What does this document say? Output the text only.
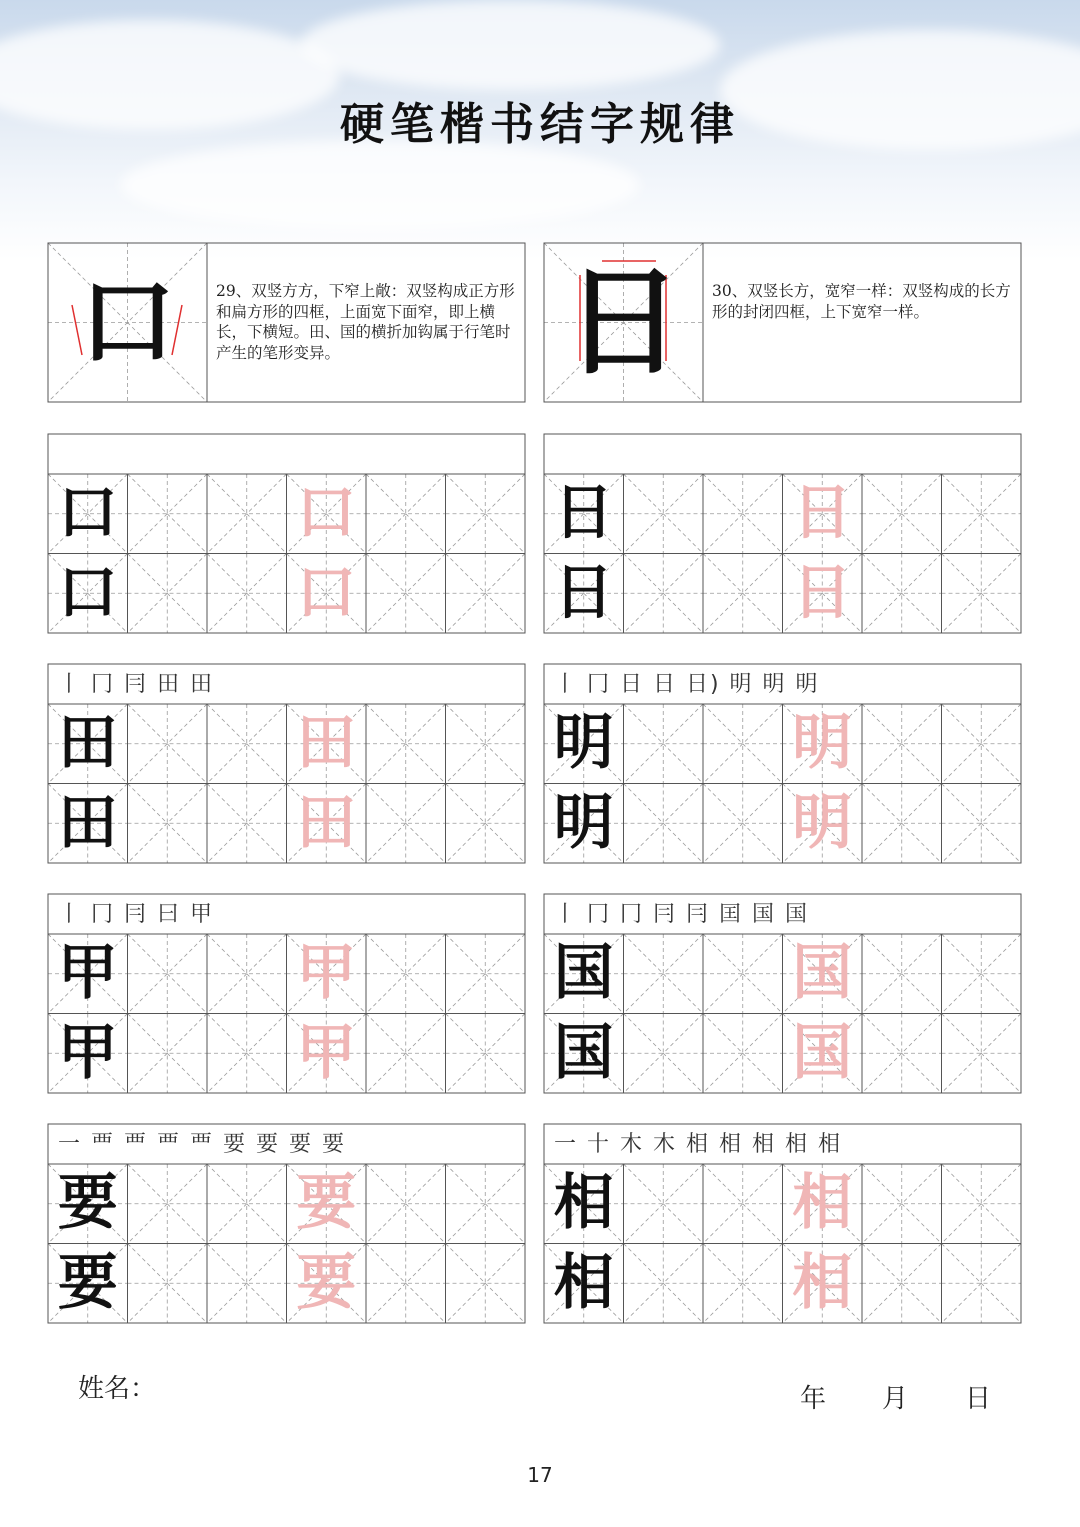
硬笔楷书结字规律
口	29、双竖方方，下窄上敞：双竖构成正方形和扁方形的四框，上面宽下面窄，即上横长，下横短。田、国的横折加钩属于行笔时产生的笔形变异。	日	30、双竖长方，宽窄一样：双竖构成的长方形的封闭四框，上下宽窄一样。
口	口
口	口
日	日
日	日
丨 冂 冃 田 田
田	田
田	田
丨 冂 日 日 日) 明 明 明
明	明
明	明
丨 冂 冃 曰 甲
甲	甲
甲	甲
丨 冂 冂 冃 冃 囯 国 国
国	国
国	国
一 覀 覀 覀 覀 要 要 要 要
要	要
要	要
一 十 木 木 相 相 相 相 相
相	相
相	相
姓名：	年 月 日
17
